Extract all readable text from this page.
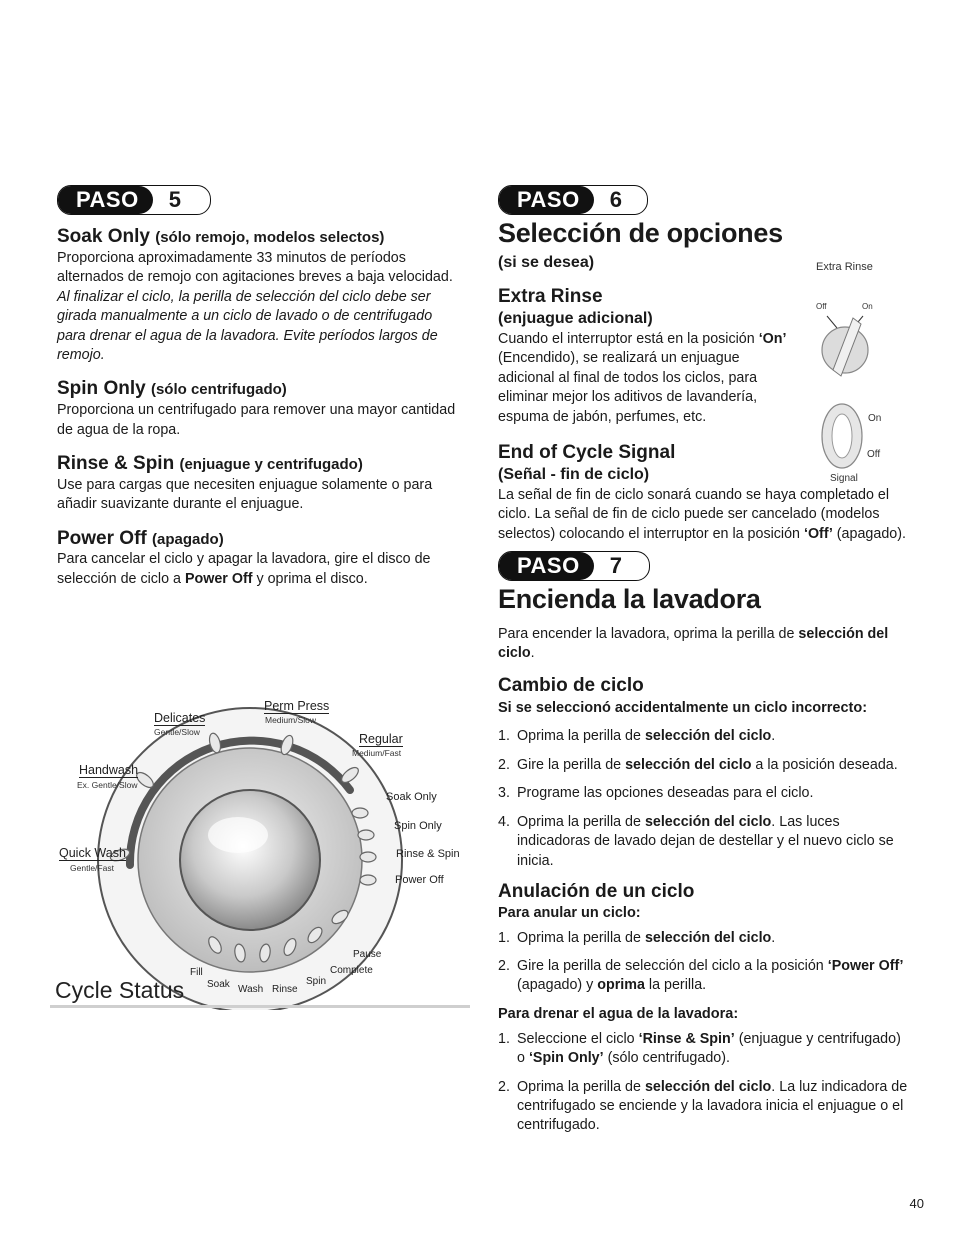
PASO	5
Soak Only (sólo remojo, modelos selectos)

Proporciona aproximadamente 33 minutos de períodos alternados de remojo con agitaciones breves a baja velocidad. Al finalizar el ciclo, la perilla de selección del ciclo debe ser girada manualmente a un ciclo de lavado o de centrifugado para drenar el agua de la lavadora. Evite períodos largos de remojo.

Spin Only (sólo centrifugado)

Proporciona un centrifugado para remover una mayor cantidad de agua de la ropa.

Rinse & Spin (enjuague y centrifugado)

Use para cargas que necesiten enjuague solamente o para añadir suavizante durante el enjuague.

Power Off (apagado)

Para cancelar el ciclo y apagar la lavadora, gire el disco de selección de ciclo a Power Off y oprima el disco.

Delicates
Gentle/Slow
Perm Press
Medium/Slow
Regular
Medium/Fast
Handwash
Ex. Gentle/Slow
Quick Wash
Gentle/Fast
Soak Only
Spin Only
Rinse & Spin
Power Off
Fill
Soak Wash Rinse
Spin
Pause
Complete
Cycle Status
PASO	6
Selección de opciones
(si se desea)
Extra Rinse
(enjuague adicional)

Cuando el interruptor está en la posición ‘On’ (Encendido), se realizará un enjuague adicional al final de todos los ciclos, para eliminar mejor los aditivos de lavandería, espuma de jabón, perfumes, etc.

End of Cycle Signal
(Señal - fin de ciclo)

La señal de fin de ciclo sonará cuando se haya completado el ciclo. La señal de fin de ciclo puede ser cancelado (modelos selectos) colocando el interruptor en la posición ‘Off’ (apagado).

PASO	7
Encienda la lavadora

Para encender la lavadora, oprima la perilla de selección del ciclo.

Cambio de ciclo
Si se seleccionó accidentalmente un ciclo incorrecto:
1. Oprima la perilla de selección del ciclo.
2. Gire la perilla de selección del ciclo a la posición deseada.
3. Programe las opciones deseadas para el ciclo.
4. Oprima la perilla de selección del ciclo. Las luces indicadoras de lavado dejan de destellar y el nuevo ciclo se inicia.
Anulación de un ciclo
Para anular un ciclo:
1. Oprima la perilla de selección del ciclo.
2. Gire la perilla de selección del ciclo a la posición ‘Power Off’ (apagado) y oprima la perilla.
Para drenar el agua de la lavadora:
1. Seleccione el ciclo ‘Rinse & Spin’ (enjuague y centrifugado) o ‘Spin Only’ (sólo centrifugado).
2. Oprima la perilla de selección del ciclo. La luz indicadora de centrifugado se enciende y la lavadora inicia el enjuague o el centrifugado.
Extra Rinse
Off	On
On
Off
Signal
40
